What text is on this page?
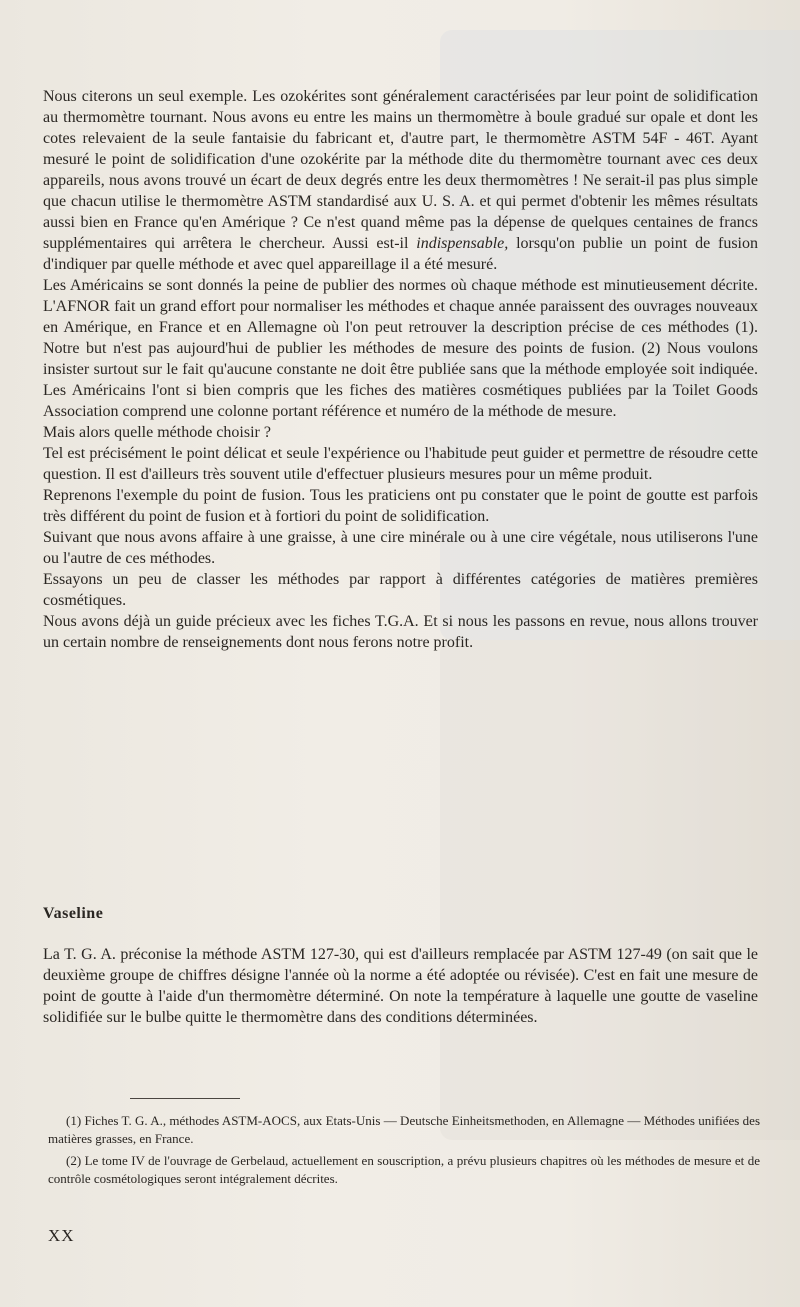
Nous citerons un seul exemple. Les ozokérites sont généralement caractérisées par leur point de solidification au thermomètre tournant. Nous avons eu entre les mains un thermomètre à boule gradué sur opale et dont les cotes relevaient de la seule fantaisie du fabricant et, d'autre part, le thermomètre ASTM 54F - 46T. Ayant mesuré le point de solidification d'une ozokérite par la méthode dite du thermomètre tournant avec ces deux appareils, nous avons trouvé un écart de deux degrés entre les deux thermomètres ! Ne serait-il pas plus simple que chacun utilise le thermomètre ASTM standardisé aux U. S. A. et qui permet d'obtenir les mêmes résultats aussi bien en France qu'en Amérique ? Ce n'est quand même pas la dépense de quelques centaines de francs supplémentaires qui arrêtera le chercheur. Aussi est-il indispensable, lorsqu'on publie un point de fusion d'indiquer par quelle méthode et avec quel appareillage il a été mesuré.

Les Américains se sont donnés la peine de publier des normes où chaque méthode est minutieusement décrite. L'AFNOR fait un grand effort pour normaliser les méthodes et chaque année paraissent des ouvrages nouveaux en Amérique, en France et en Allemagne où l'on peut retrouver la description précise de ces méthodes (1). Notre but n'est pas aujourd'hui de publier les méthodes de mesure des points de fusion. (2) Nous voulons insister surtout sur le fait qu'aucune constante ne doit être publiée sans que la méthode employée soit indiquée. Les Américains l'ont si bien compris que les fiches des matières cosmétiques publiées par la Toilet Goods Association comprend une colonne portant référence et numéro de la méthode de mesure.

Mais alors quelle méthode choisir ?

Tel est précisément le point délicat et seule l'expérience ou l'habitude peut guider et permettre de résoudre cette question. Il est d'ailleurs très souvent utile d'effectuer plusieurs mesures pour un même produit.

Reprenons l'exemple du point de fusion. Tous les praticiens ont pu constater que le point de goutte est parfois très différent du point de fusion et à fortiori du point de solidification.

Suivant que nous avons affaire à une graisse, à une cire minérale ou à une cire végétale, nous utiliserons l'une ou l'autre de ces méthodes.

Essayons un peu de classer les méthodes par rapport à différentes catégories de matières premières cosmétiques.

Nous avons déjà un guide précieux avec les fiches T.G.A. Et si nous les passons en revue, nous allons trouver un certain nombre de renseignements dont nous ferons notre profit.

Vaseline

La T. G. A. préconise la méthode ASTM 127-30, qui est d'ailleurs remplacée par ASTM 127-49 (on sait que le deuxième groupe de chiffres désigne l'année où la norme a été adoptée ou révisée). C'est en fait une mesure de point de goutte à l'aide d'un thermomètre déterminé. On note la température à laquelle une goutte de vaseline solidifiée sur le bulbe quitte le thermomètre dans des conditions déterminées.

(1) Fiches T. G. A., méthodes ASTM-AOCS, aux Etats-Unis — Deutsche Einheitsmethoden, en Allemagne — Méthodes unifiées des matières grasses, en France.

(2) Le tome IV de l'ouvrage de Gerbelaud, actuellement en souscription, a prévu plusieurs chapitres où les méthodes de mesure et de contrôle cosmétologiques seront intégralement décrites.

XX
